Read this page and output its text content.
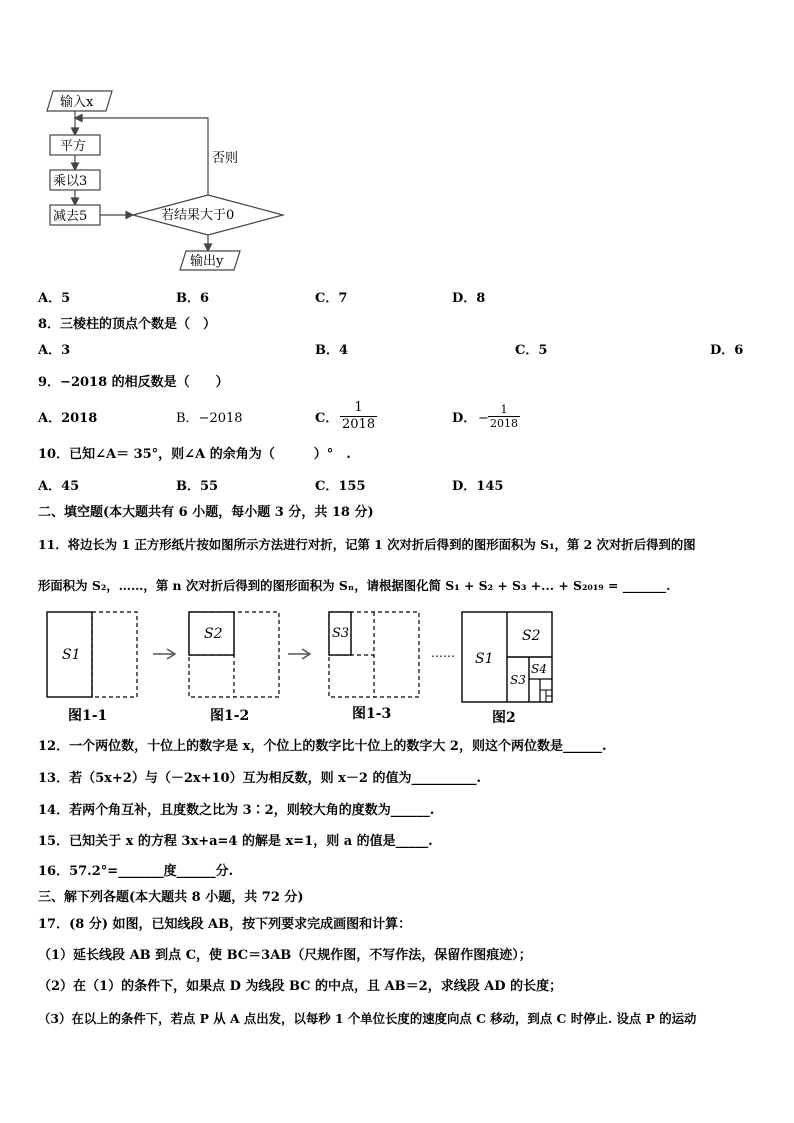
输入x
平方
乘以3
减去5	若结果大于0
否则
输出y
A．5	B．6	C．7	D．8
8．三棱柱的顶点个数是（　）
A．3	B．4	C．5	D．6
9．−2018 的相反数是（　　）
A．2018	B．−2018	C． $\frac{1}{2018}$	D． − $\frac{1}{2018}$
10．已知∠A＝ 35°，则∠A 的余角为（　　　）°　.
A．45	B．55	C．155	D．145
二、填空题(本大题共有 6 小题，每小题 3 分，共 18 分)
11．将边长为 1 正方形纸片按如图所示方法进行对折，记第 1 次对折后得到的图形面积为 S₁，第 2 次对折后得到的图
形面积为 S₂，……，第 n 次对折后得到的图形面积为 Sₙ，请根据图化简 S₁ + S₂ + S₃ +... + S₂₀₁₉ = _______.
S1
S2	S3
…… S1
S2
S3
S4
图1-1	图1-2	图1-3	图2
12．一个两位数，十位上的数字是 x，个位上的数字比十位上的数字大 2，则这个两位数是______.
13．若（5x+2）与（－2x+10）互为相反数，则 x－2 的值为__________.
14．若两个角互补，且度数之比为 3∶2，则较大角的度数为______.
15．已知关于 x 的方程 3x+a=4 的解是 x=1，则 a 的值是_____.
16．57.2°=_______度______分.
三、解下列各题(本大题共 8 小题，共 72 分)
17．(8 分) 如图，已知线段 AB，按下列要求完成画图和计算：
（1）延长线段 AB 到点 C，使 BC＝3AB（尺规作图，不写作法，保留作图痕迹）；
（2）在（1）的条件下，如果点 D 为线段 BC 的中点，且 AB＝2，求线段 AD 的长度；
（3）在以上的条件下，若点 P 从 A 点出发，以每秒 1 个单位长度的速度向点 C 移动，到点 C 时停止. 设点 P 的运动
